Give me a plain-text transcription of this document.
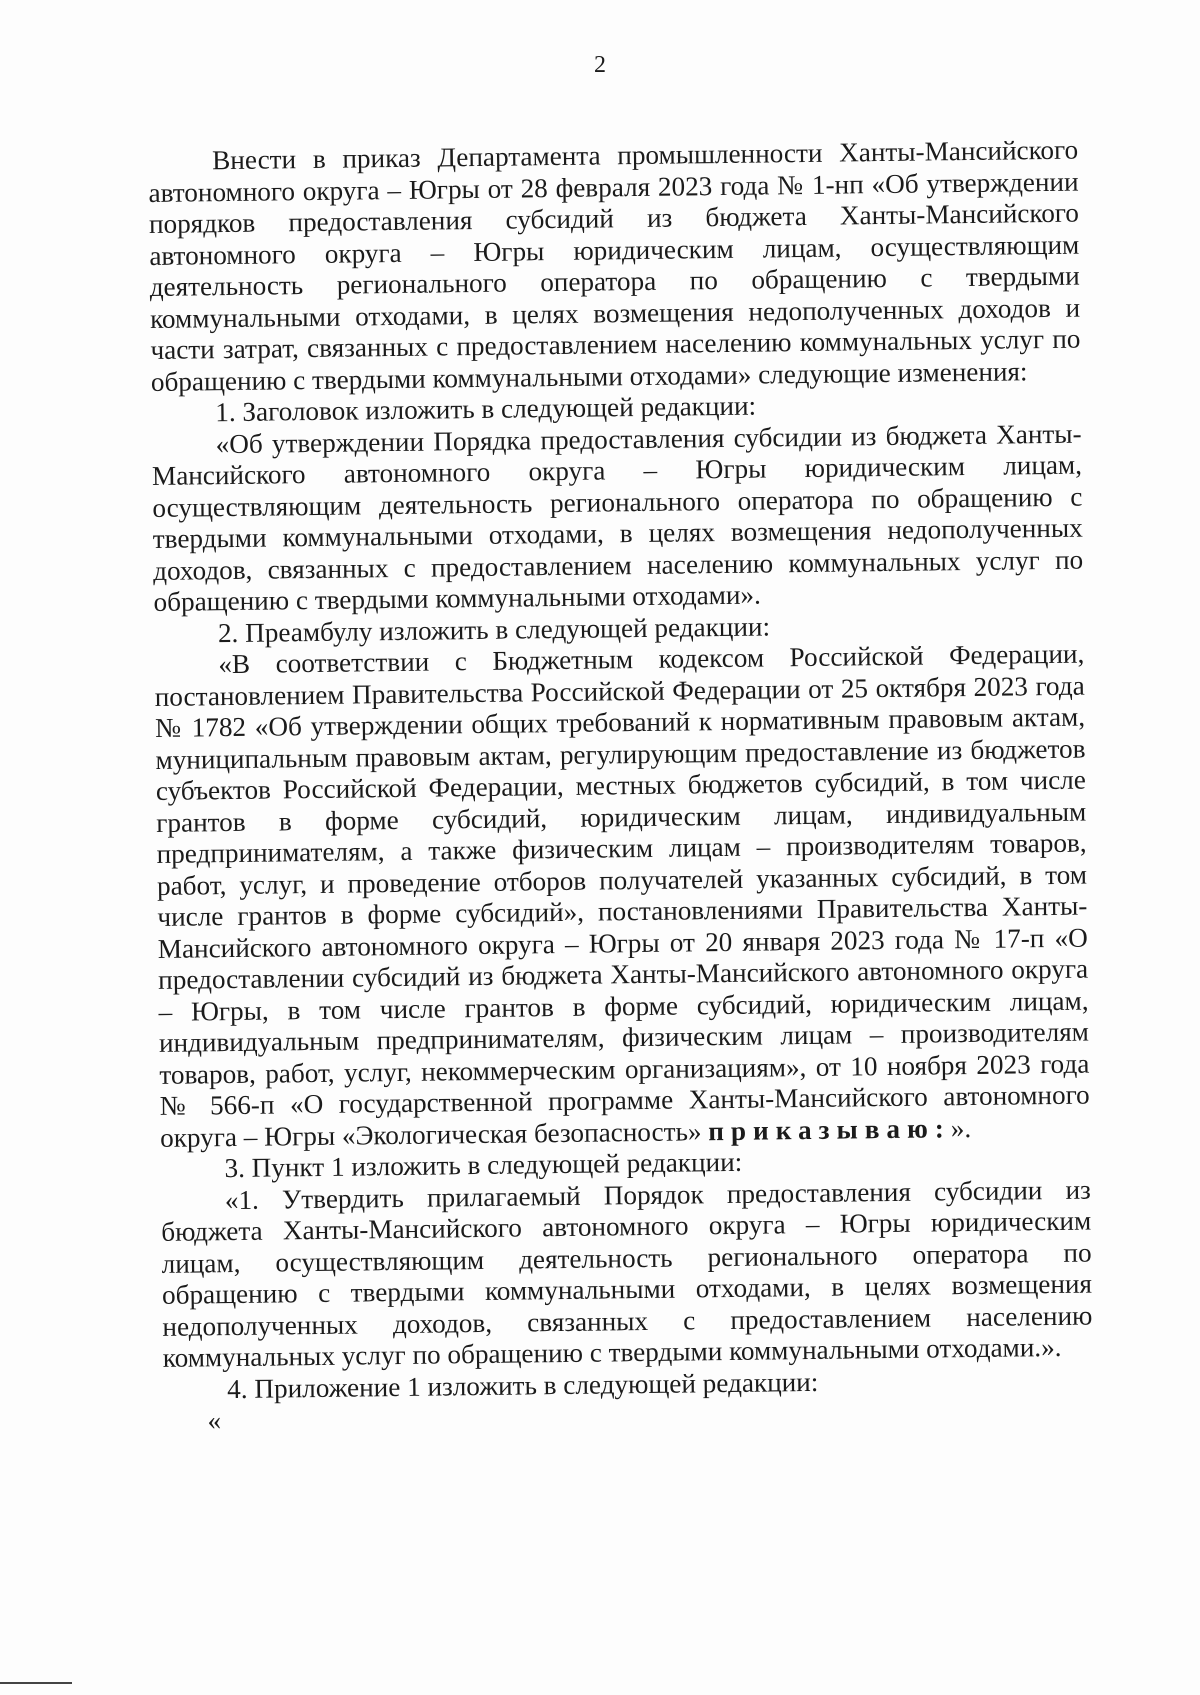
2

Внести в приказ Департамента промышленности Ханты-Мансийского автономного округа – Югры от 28 февраля 2023 года № 1-нп «Об утверждении порядков предоставления субсидий из бюджета Ханты-Мансийского автономного округа – Югры юридическим лицам, осуществляющим деятельность регионального оператора по обращению с твердыми коммунальными отходами, в целях возмещения недополученных доходов и части затрат, связанных с предоставлением населению коммунальных услуг по обращению с твердыми коммунальными отходами» следующие изменения:

1. Заголовок изложить в следующей редакции:

«Об утверждении Порядка предоставления субсидии из бюджета Ханты-Мансийского автономного округа – Югры юридическим лицам, осуществляющим деятельность регионального оператора по обращению с твердыми коммунальными отходами, в целях возмещения недополученных доходов, связанных с предоставлением населению коммунальных услуг по обращению с твердыми коммунальными отходами».

2. Преамбулу изложить в следующей редакции:

«В соответствии с Бюджетным кодексом Российской Федерации, постановлением Правительства Российской Федерации от 25 октября 2023 года № 1782 «Об утверждении общих требований к нормативным правовым актам, муниципальным правовым актам, регулирующим предоставление из бюджетов субъектов Российской Федерации, местных бюджетов субсидий, в том числе грантов в форме субсидий, юридическим лицам, индивидуальным предпринимателям, а также физическим лицам – производителям товаров, работ, услуг, и проведение отборов получателей указанных субсидий, в том числе грантов в форме субсидий», постановлениями Правительства Ханты-Мансийского автономного округа – Югры от 20 января 2023 года № 17-п «О предоставлении субсидий из бюджета Ханты-Мансийского автономного округа – Югры, в том числе грантов в форме субсидий, юридическим лицам, индивидуальным предпринимателям, физическим лицам – производителям товаров, работ, услуг, некоммерческим организациям», от 10 ноября 2023 года № 566-п «О государственной программе Ханты-Мансийского автономного округа – Югры «Экологическая безопасность» приказываю:».

3. Пункт 1 изложить в следующей редакции:

«1. Утвердить прилагаемый Порядок предоставления субсидии из бюджета Ханты-Мансийского автономного округа – Югры юридическим лицам, осуществляющим деятельность регионального оператора по обращению с твердыми коммунальными отходами, в целях возмещения недополученных доходов, связанных с предоставлением населению коммунальных услуг по обращению с твердыми коммунальными отходами.».

4. Приложение 1 изложить в следующей редакции:

«
